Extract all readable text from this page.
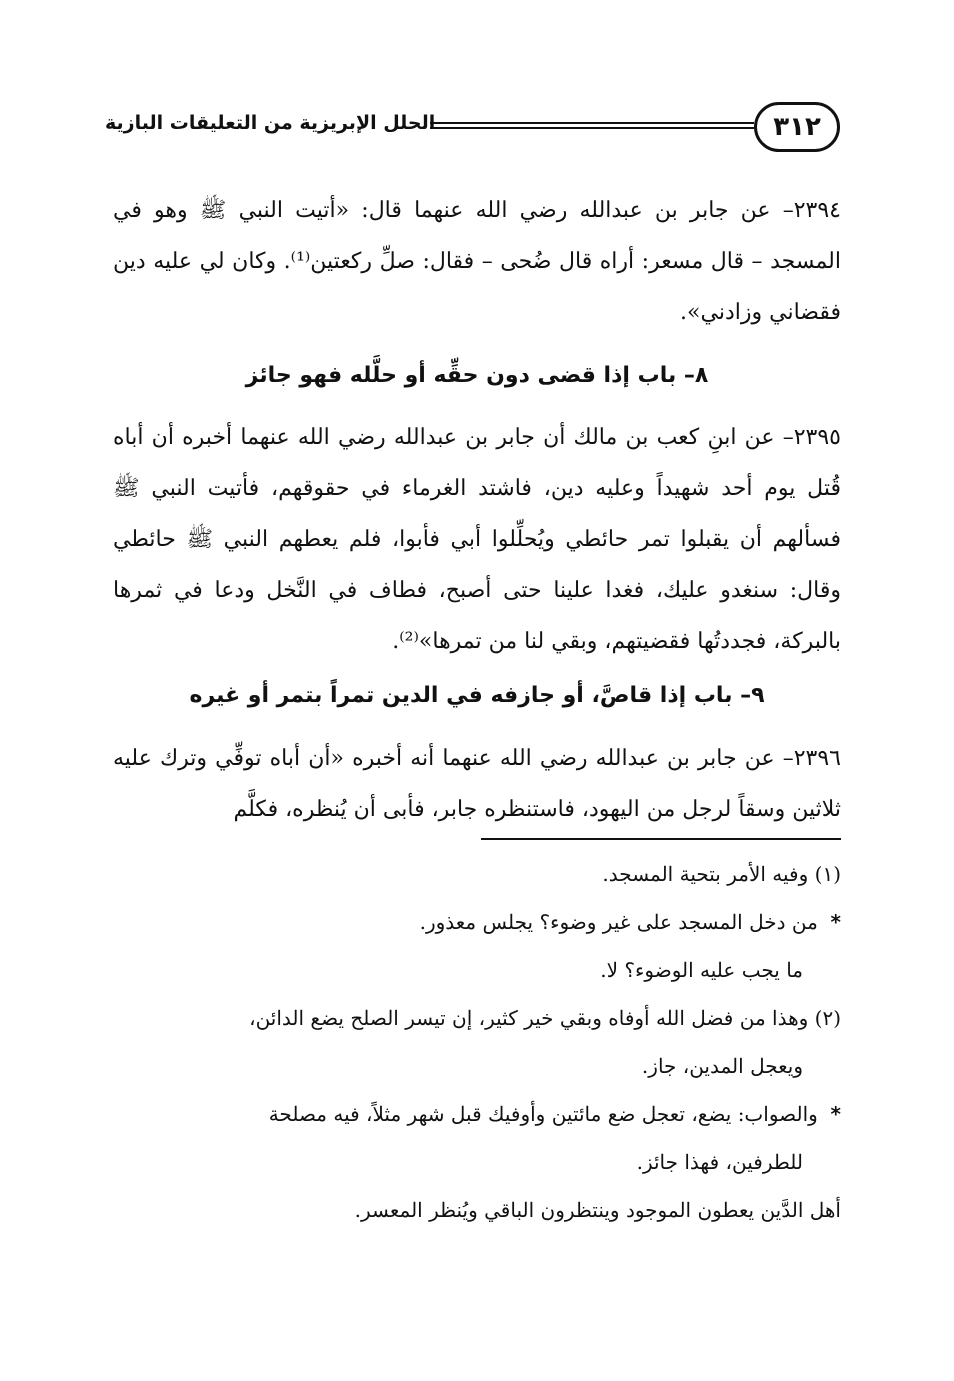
٣١٢
الحلل الإبريزية من التعليقات البازية
٢٣٩٤– عن جابر بن عبدالله رضي الله عنهما قال: «أتيت النبي ﷺ وهو في المسجد – قال مسعر: أراه قال ضُحى – فقال: صلِّ ركعتين⁽¹⁾. وكان لي عليه دين فقضاني وزادني».
٨– باب إذا قضى دون حقِّه أو حلَّله فهو جائز
٢٣٩٥– عن ابنِ كعب بن مالك أن جابر بن عبدالله رضي الله عنهما أخبره أن أباه قُتل يوم أحد شهيداً وعليه دين، فاشتد الغرماء في حقوقهم، فأتيت النبي ﷺ فسألهم أن يقبلوا تمر حائطي ويُحلِّلوا أبي فأبوا، فلم يعطهم النبي ﷺ حائطي وقال: سنغدو عليك، فغدا علينا حتى أصبح، فطاف في النَّخل ودعا في ثمرها بالبركة، فجددتُها فقضيتهم، وبقي لنا من تمرها»⁽²⁾.
٩– باب إذا قاصَّ، أو جازفه في الدين تمراً بتمر أو غيره
٢٣٩٦– عن جابر بن عبدالله رضي الله عنهما أنه أخبره «أن أباه توفِّي وترك عليه ثلاثين وسقاً لرجل من اليهود، فاستنظره جابر، فأبى أن يُنظره، فكلَّم
(١) وفيه الأمر بتحية المسجد.
*  من دخل المسجد على غير وضوء؟ يجلس معذور.
ما يجب عليه الوضوء؟ لا.
(٢) وهذا من فضل الله أوفاه وبقي خير كثير، إن تيسر الصلح يضع الدائن،
ويعجل المدين، جاز.
*  والصواب: يضع، تعجل ضع مائتين وأوفيك قبل شهر مثلاً، فيه مصلحة
للطرفين، فهذا جائز.
أهل الدَّين يعطون الموجود وينتظرون الباقي ويُنظر المعسر.
